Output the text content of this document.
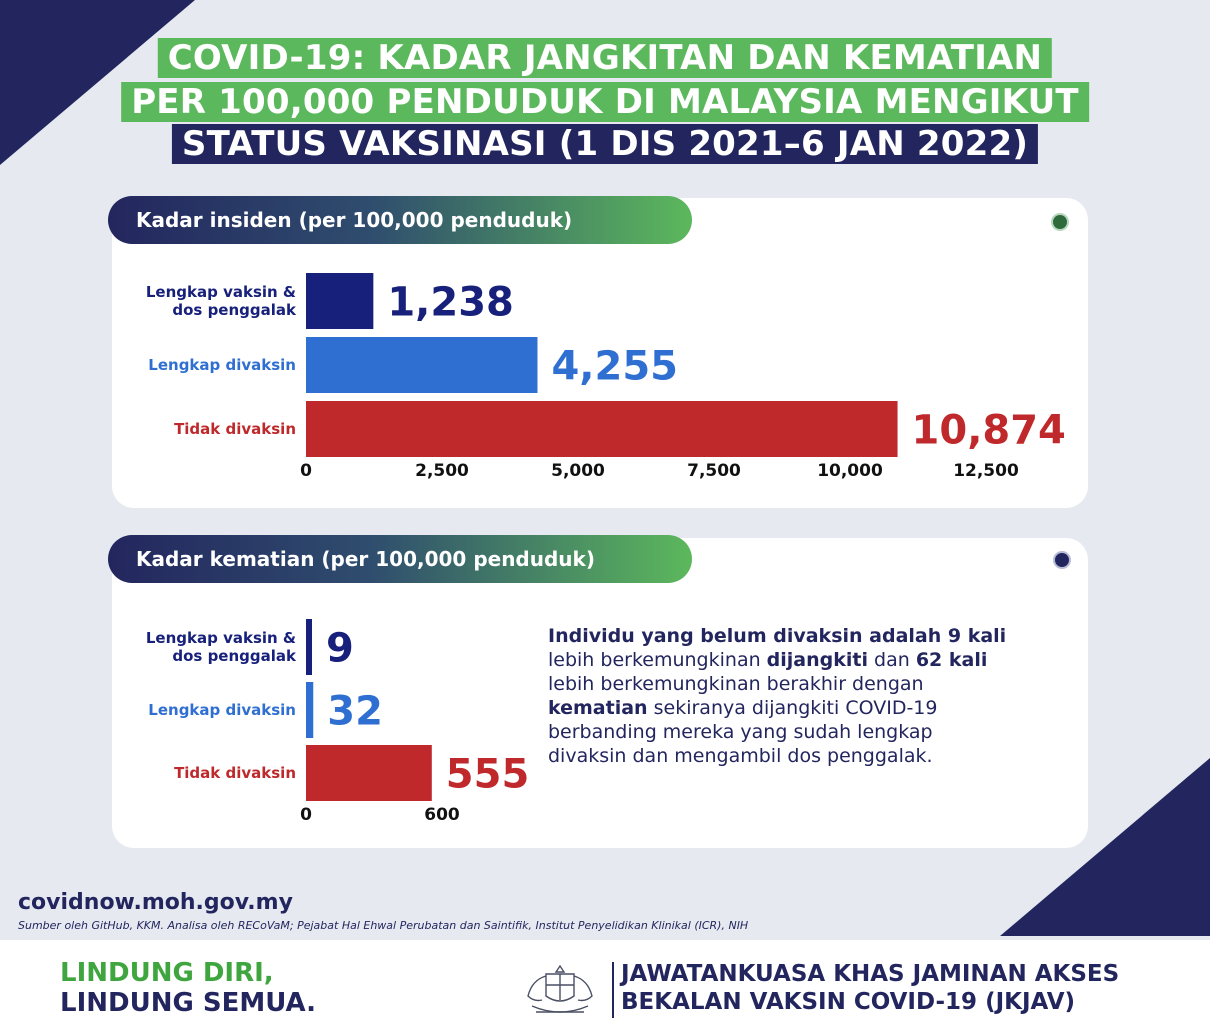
COVID-19: KADAR JANGKITAN DAN KEMATIAN
PER 100,000 PENDUDUK DI MALAYSIA MENGIKUT
STATUS VAKSINASI (1 DIS 2021–6 JAN 2022)
Kadar insiden (per 100,000 penduduk)
Kadar kematian (per 100,000 penduduk)
1,238
Lengkap vaksin &
dos penggalak
4,255
Lengkap divaksin
10,874
Tidak divaksin
0	2,500	5,000	7,500	10,000	12,500
9
Lengkap vaksin &
dos penggalak
32
Lengkap divaksin
555
Tidak divaksin
0	600
Individu yang belum divaksin adalah 9 kali
lebih berkemungkinan dijangkiti dan 62 kali
lebih berkemungkinan berakhir dengan
kematian sekiranya dijangkiti COVID-19
berbanding mereka yang sudah lengkap
divaksin dan mengambil dos penggalak.
covidnow.moh.gov.my
Sumber oleh GitHub, KKM. Analisa oleh RECoVaM; Pejabat Hal Ehwal Perubatan dan Saintifik, Institut Penyelidikan Klinikal (ICR), NIH
LINDUNG DIRI,
LINDUNG SEMUA.
JAWATANKUASA KHAS JAMINAN AKSES
BEKALAN VAKSIN COVID-19 (JKJAV)
